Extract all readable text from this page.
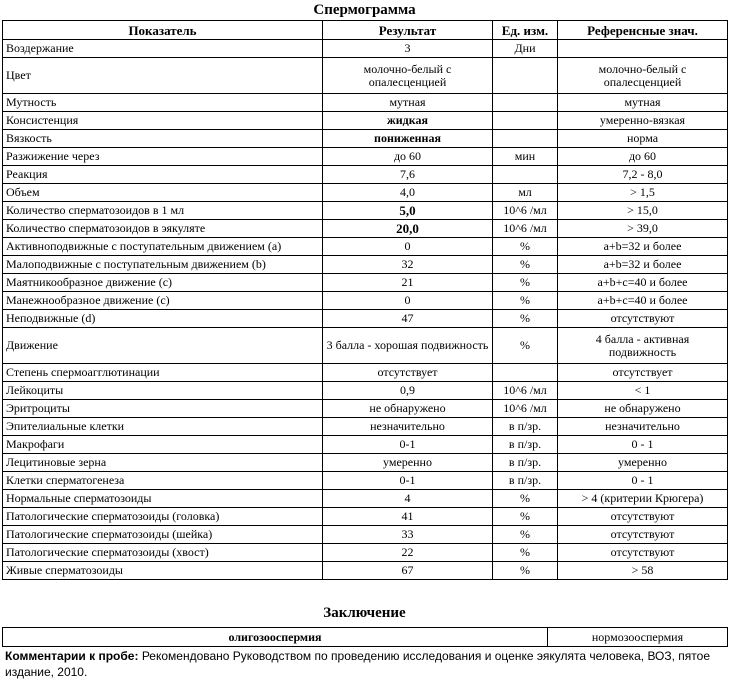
Спермограмма
Показатель	Результат	Ед. изм.	Референсные знач.
Воздержание	3	Дни	
Цвет	молочно-белый с опалесценцией		молочно-белый с опалесценцией
Мутность	мутная		мутная
Консистенция	жидкая		умеренно-вязкая
Вязкость	пониженная		норма
Разжижение через	до 60	мин	до 60
Реакция	7,6		7,2 - 8,0
Объем	4,0	мл	> 1,5
Количество сперматозоидов в 1 мл	5,0	10^6 /мл	> 15,0
Количество сперматозоидов в эякуляте	20,0	10^6 /мл	> 39,0
Активноподвижные с поступательным движением (a)	0	%	a+b=32 и более
Малоподвижные с поступательным движением (b)	32	%	a+b=32 и более
Маятникообразное движение (c)	21	%	a+b+c=40 и более
Манежнообразное движение (c)	0	%	a+b+c=40 и более
Неподвижные (d)	47	%	отсутствуют
Движение	3 балла - хорошая подвижность	%	4 балла - активная подвижность
Степень спермоагглютинации	отсутствует		отсутствует
Лейкоциты	0,9	10^6 /мл	< 1
Эритроциты	не обнаружено	10^6 /мл	не обнаружено
Эпителиальные клетки	незначительно	в п/зр.	незначительно
Макрофаги	0-1	в п/зр.	0 - 1
Лецитиновые зерна	умеренно	в п/зр.	умеренно
Клетки сперматогенеза	0-1	в п/зр.	0 - 1
Нормальные сперматозоиды	4	%	> 4 (критерии Крюгера)
Патологические сперматозоиды (головка)	41	%	отсутствуют
Патологические сперматозоиды (шейка)	33	%	отсутствуют
Патологические сперматозоиды (хвост)	22	%	отсутствуют
Живые сперматозоиды	67	%	> 58
Заключение
олигозооспермия	нормозооспермия
Комментарии к пробе: Рекомендовано Руководством по проведению исследования и оценке эякулята человека, ВОЗ, пятое издание, 2010.
